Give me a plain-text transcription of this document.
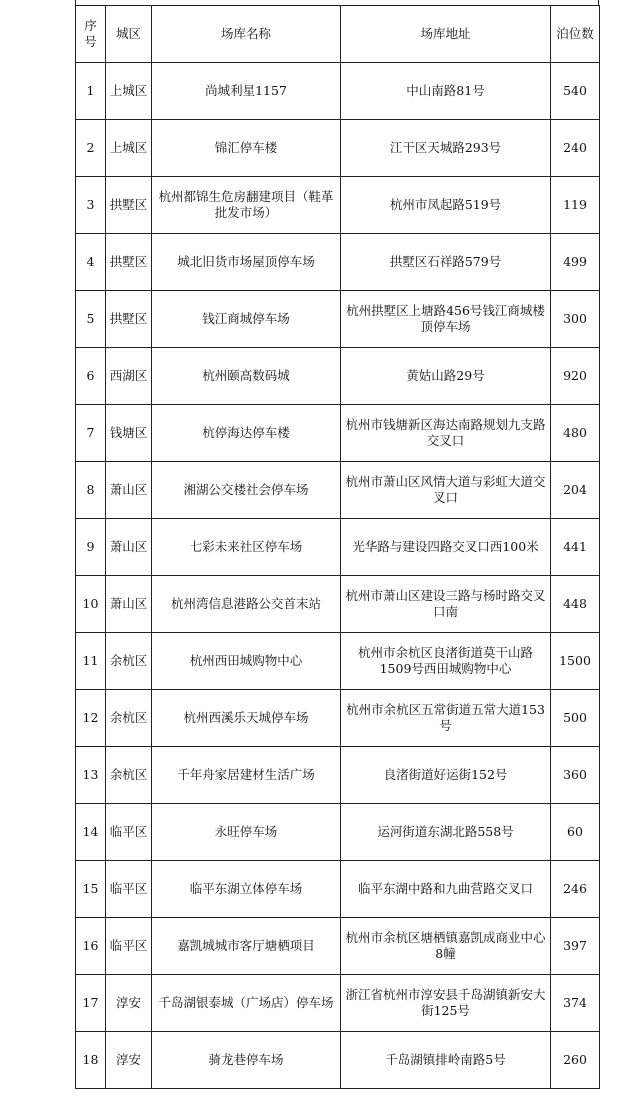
序号	城区	场库名称	场库地址	泊位数
1	上城区	尚城利星1157	中山南路81号	540
2	上城区	锦汇停车楼	江干区天城路293号	240
3	拱墅区	杭州都锦生危房翻建项目（鞋革批发市场）	杭州市凤起路519号	119
4	拱墅区	城北旧货市场屋顶停车场	拱墅区石祥路579号	499
5	拱墅区	钱江商城停车场	杭州拱墅区上塘路456号钱江商城楼顶停车场	300
6	西湖区	杭州颐高数码城	黄姑山路29号	920
7	钱塘区	杭停海达停车楼	杭州市钱塘新区海达南路规划九支路交叉口	480
8	萧山区	湘湖公交楼社会停车场	杭州市萧山区风情大道与彩虹大道交叉口	204
9	萧山区	七彩未来社区停车场	光华路与建设四路交叉口西100米	441
10	萧山区	杭州湾信息港路公交首末站	杭州市萧山区建设三路与杨时路交叉口南	448
11	余杭区	杭州西田城购物中心	杭州市余杭区良渚街道莫干山路1509号西田城购物中心	1500
12	余杭区	杭州西溪乐天城停车场	杭州市余杭区五常街道五常大道153号	500
13	余杭区	千年舟家居建材生活广场	良渚街道好运街152号	360
14	临平区	永旺停车场	运河街道东湖北路558号	60
15	临平区	临平东湖立体停车场	临平东湖中路和九曲营路交叉口	246
16	临平区	嘉凯城城市客厅塘栖项目	杭州市余杭区塘栖镇嘉凯成商业中心8幢	397
17	淳安	千岛湖银泰城（广场店）停车场	浙江省杭州市淳安县千岛湖镇新安大街125号	374
18	淳安	骑龙巷停车场	千岛湖镇排岭南路5号	260
